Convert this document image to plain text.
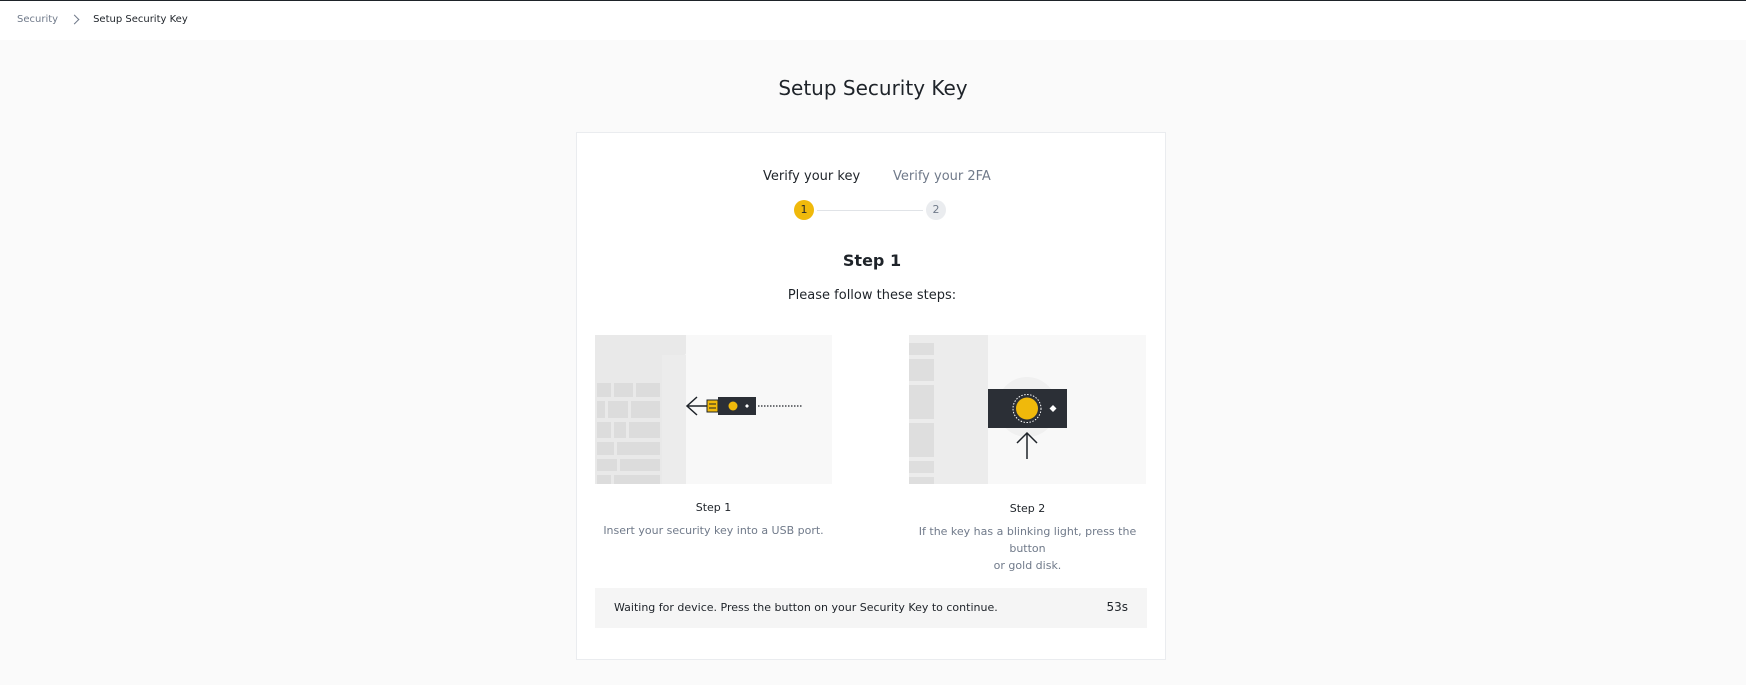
Security	Setup Security Key
Setup Security Key
Verify your key	Verify your 2FA
1	2
Step 1
Please follow these steps:
Step 1
Insert your security key into a USB port.
Step 2
If the key has a blinking light, press the button
or gold disk.
Waiting for device. Press the button on your Security Key to continue.	53s
